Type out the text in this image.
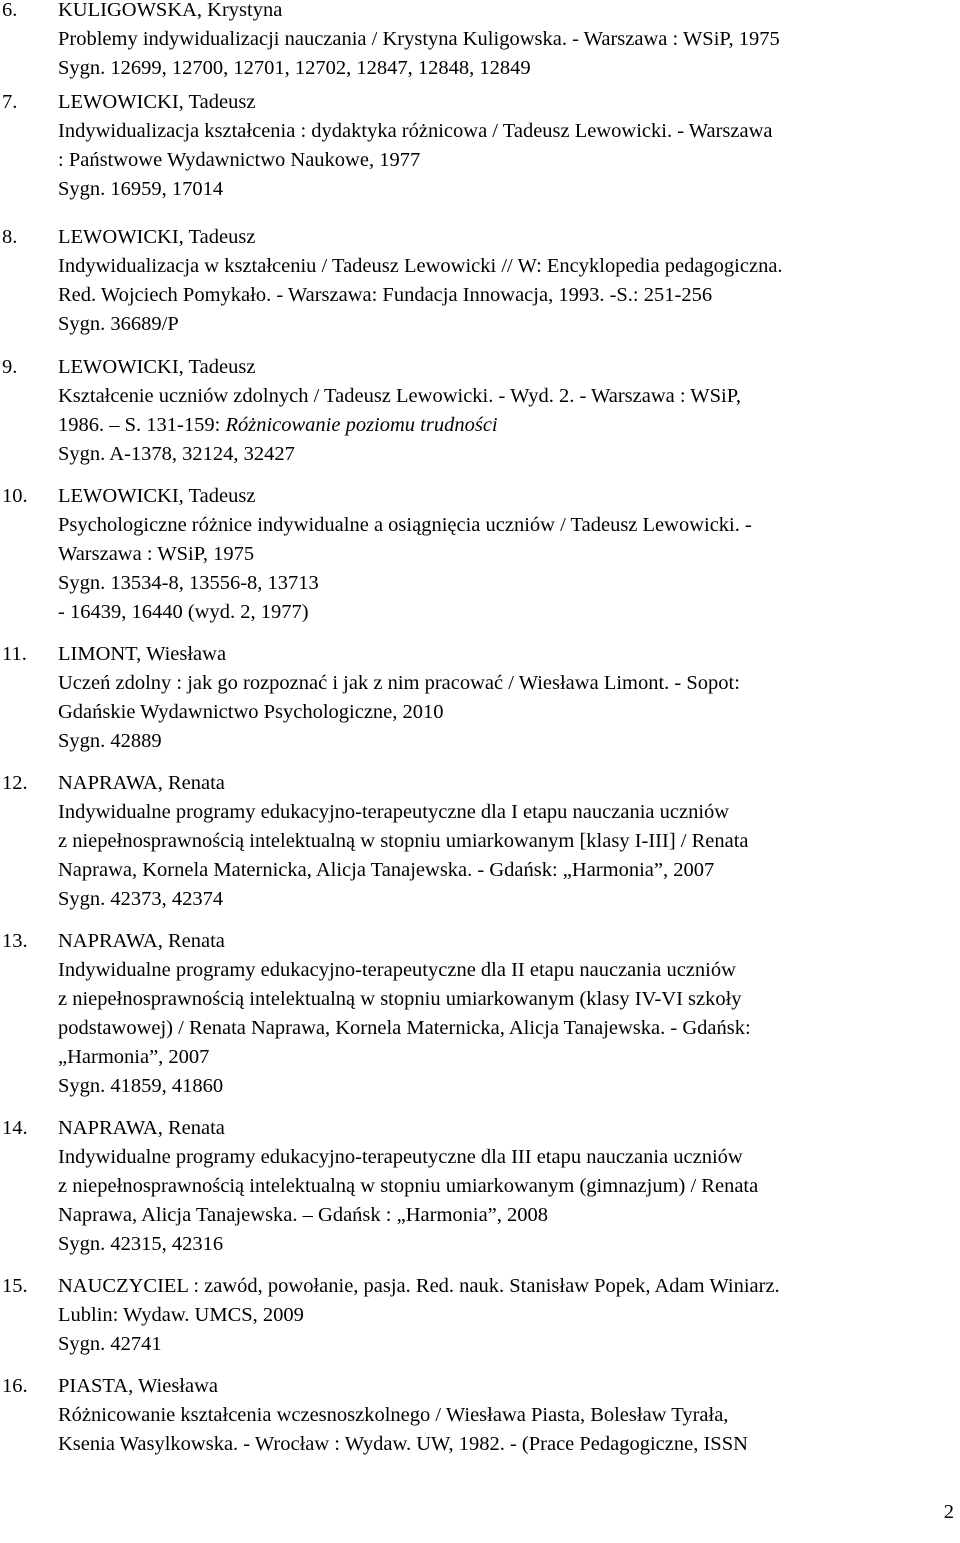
6. KULIGOWSKA, Krystyna
Problemy indywidualizacji nauczania / Krystyna Kuligowska. - Warszawa : WSiP, 1975
Sygn. 12699, 12700, 12701, 12702, 12847, 12848, 12849
7. LEWOWICKI, Tadeusz
Indywidualizacja kształcenia : dydaktyka różnicowa / Tadeusz Lewowicki. - Warszawa
: Państwowe Wydawnictwo Naukowe, 1977
Sygn. 16959, 17014
8. LEWOWICKI, Tadeusz
Indywidualizacja w kształceniu / Tadeusz Lewowicki // W: Encyklopedia pedagogiczna.
Red. Wojciech Pomykało. - Warszawa: Fundacja Innowacja, 1993. -S.: 251-256
Sygn. 36689/P
9. LEWOWICKI, Tadeusz
Kształcenie uczniów zdolnych / Tadeusz Lewowicki. - Wyd. 2. - Warszawa : WSiP,
1986. – S. 131-159: Różnicowanie poziomu trudności
Sygn. A-1378, 32124, 32427
10. LEWOWICKI, Tadeusz
Psychologiczne różnice indywidualne a osiągnięcia uczniów / Tadeusz Lewowicki. -
Warszawa : WSiP, 1975
Sygn. 13534-8, 13556-8, 13713
- 16439, 16440 (wyd. 2, 1977)
11. LIMONT, Wiesława
Uczeń zdolny : jak go rozpoznać i jak z nim pracować / Wiesława Limont. - Sopot:
Gdańskie Wydawnictwo Psychologiczne, 2010
Sygn. 42889
12. NAPRAWA, Renata
Indywidualne programy edukacyjno-terapeutyczne dla I etapu nauczania uczniów
z niepełnosprawnością intelektualną w stopniu umiarkowanym [klasy I-III] / Renata
Naprawa, Kornela Maternicka, Alicja Tanajewska. - Gdańsk: „Harmonia”, 2007
Sygn. 42373, 42374
13. NAPRAWA, Renata
Indywidualne programy edukacyjno-terapeutyczne dla II etapu nauczania uczniów
z niepełnosprawnością intelektualną w stopniu umiarkowanym (klasy IV-VI szkoły
podstawowej) / Renata Naprawa, Kornela Maternicka, Alicja Tanajewska. - Gdańsk:
„Harmonia”, 2007
Sygn. 41859, 41860
14. NAPRAWA, Renata
Indywidualne programy edukacyjno-terapeutyczne dla III etapu nauczania uczniów
z niepełnosprawnością intelektualną w stopniu umiarkowanym (gimnazjum) / Renata
Naprawa, Alicja Tanajewska. – Gdańsk : „Harmonia”, 2008
Sygn. 42315, 42316
15. NAUCZYCIEL : zawód, powołanie, pasja. Red. nauk. Stanisław Popek, Adam Winiarz.
Lublin: Wydaw. UMCS, 2009
Sygn. 42741
16. PIASTA, Wiesława
Różnicowanie kształcenia wczesnoszkolnego / Wiesława Piasta, Bolesław Tyrała,
Ksenia Wasylkowska. - Wrocław : Wydaw. UW, 1982. - (Prace Pedagogiczne, ISSN
2
